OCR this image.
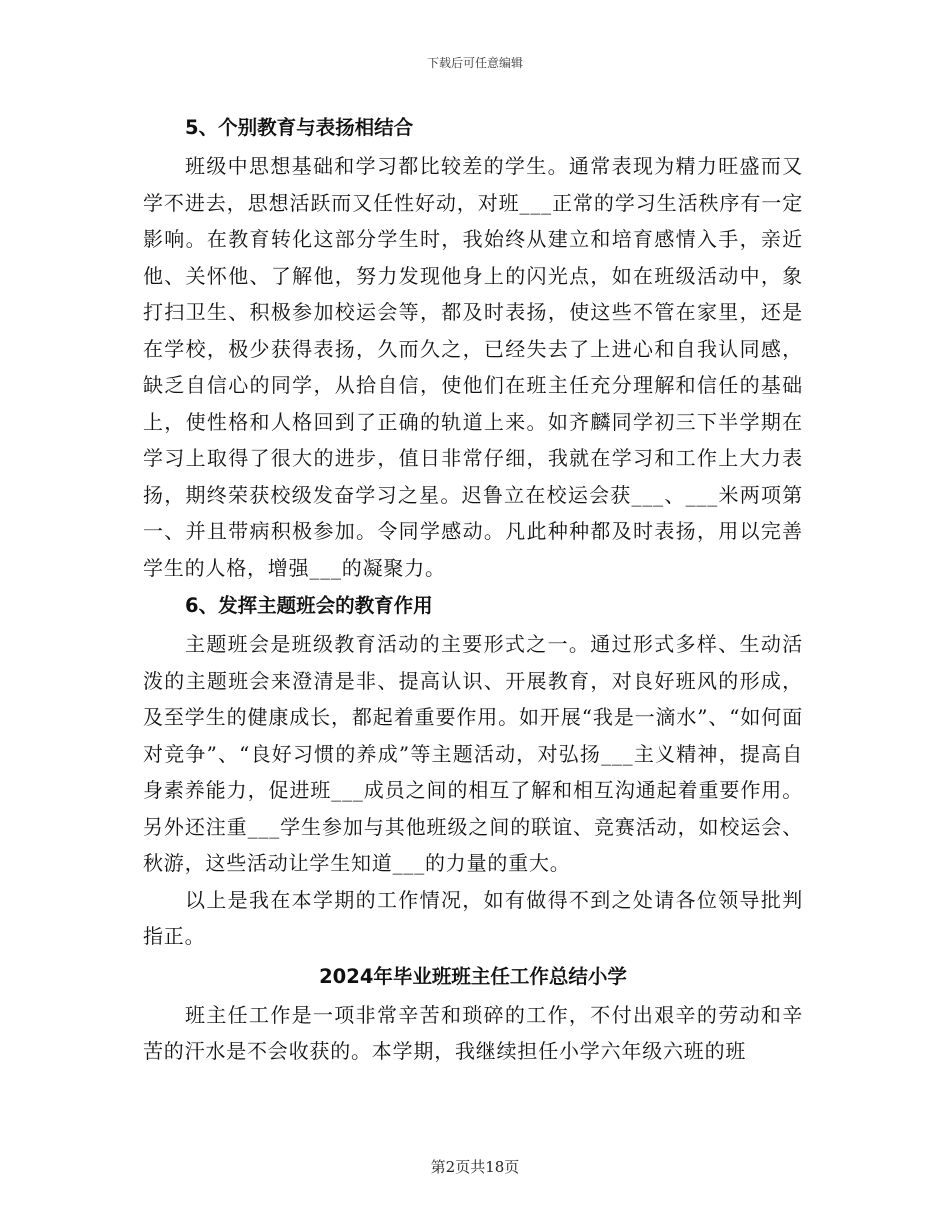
下载后可任意编辑
5、个别教育与表扬相结合

班级中思想基础和学习都比较差的学生。通常表现为精力旺盛而又学不进去，思想活跃而又任性好动，对班___正常的学习生活秩序有一定影响。在教育转化这部分学生时，我始终从建立和培育感情入手，亲近他、关怀他、了解他，努力发现他身上的闪光点，如在班级活动中，象打扫卫生、积极参加校运会等，都及时表扬，使这些不管在家里，还是在学校，极少获得表扬，久而久之，已经失去了上进心和自我认同感，缺乏自信心的同学，从拾自信，使他们在班主任充分理解和信任的基础上，使性格和人格回到了正确的轨道上来。如齐麟同学初三下半学期在学习上取得了很大的进步，值日非常仔细，我就在学习和工作上大力表扬，期终荣获校级发奋学习之星。迟鲁立在校运会获___、___米两项第一、并且带病积极参加。令同学感动。凡此种种都及时表扬，用以完善学生的人格，增强___的凝聚力。

6、发挥主题班会的教育作用

主题班会是班级教育活动的主要形式之一。通过形式多样、生动活泼的主题班会来澄清是非、提高认识、开展教育，对良好班风的形成，及至学生的健康成长，都起着重要作用。如开展“我是一滴水”、“如何面对竞争”、“良好习惯的养成”等主题活动，对弘扬___主义精神，提高自身素养能力，促进班___成员之间的相互了解和相互沟通起着重要作用。另外还注重___学生参加与其他班级之间的联谊、竞赛活动，如校运会、秋游，这些活动让学生知道___的力量的重大。

以上是我在本学期的工作情况，如有做得不到之处请各位领导批判指正。

2024年毕业班班主任工作总结小学

班主任工作是一项非常辛苦和琐碎的工作，不付出艰辛的劳动和辛苦的汗水是不会收获的。本学期，我继续担任小学六年级六班的班

第2页共18页
